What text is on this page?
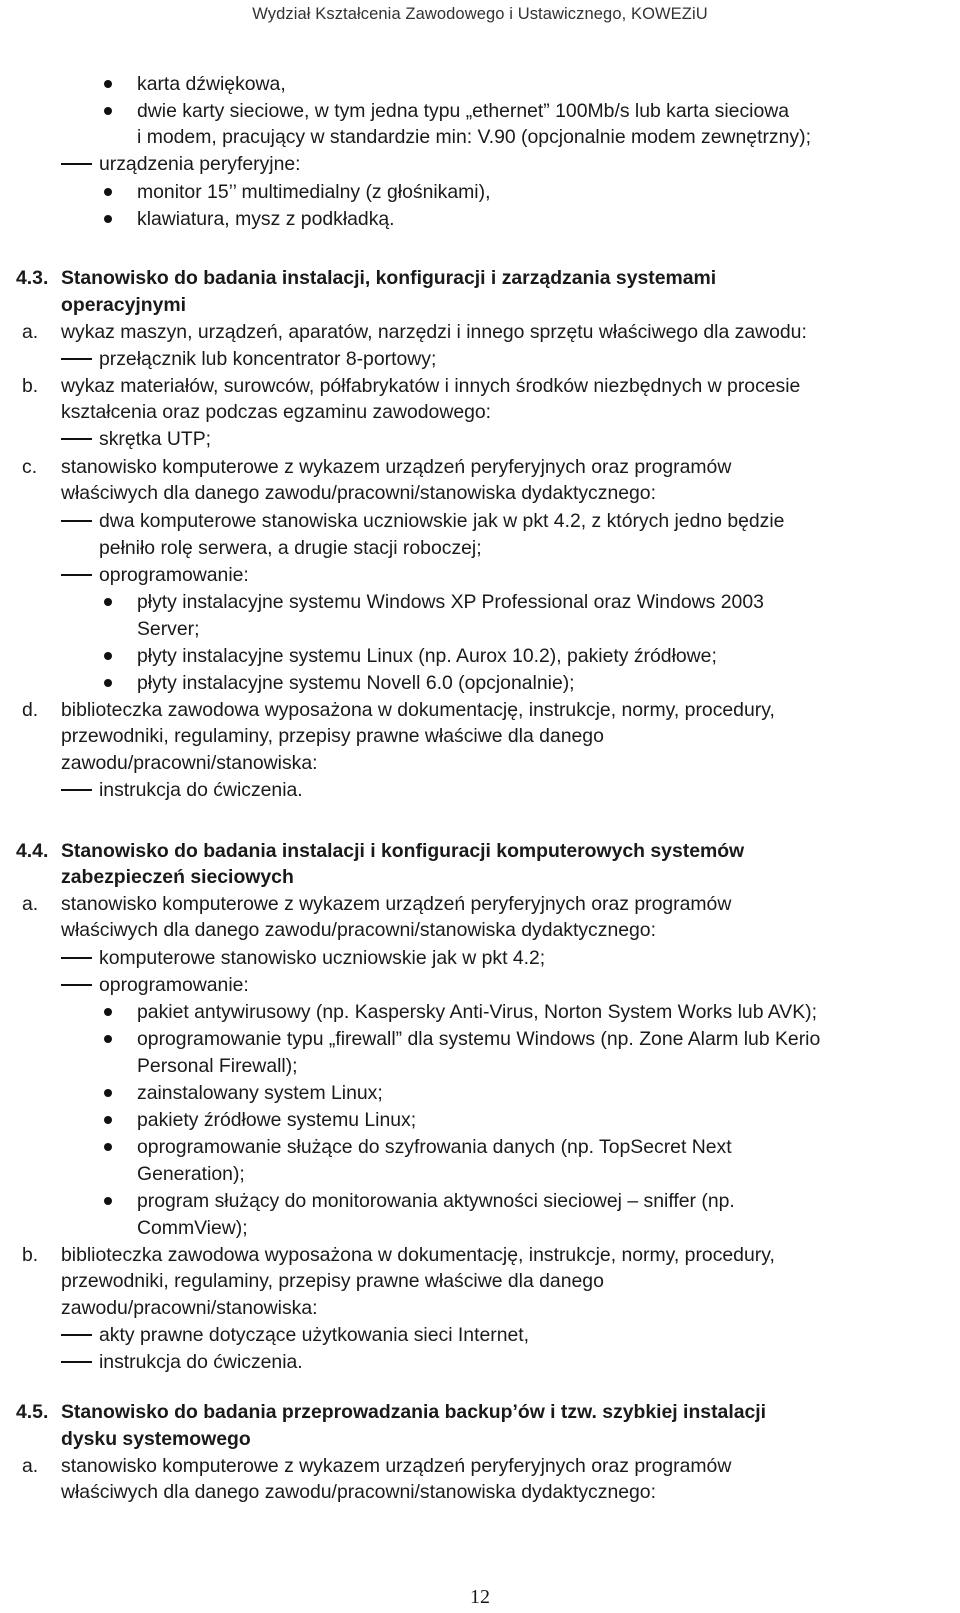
Wydział Kształcenia Zawodowego i Ustawicznego, KOWEZiU
karta dźwiękowa,
dwie karty sieciowe, w tym jedna typu „ethernet” 100Mb/s lub karta sieciowa
i modem, pracujący w standardzie min: V.90 (opcjonalnie modem zewnętrzny);
urządzenia peryferyjne:
monitor 15’’ multimedialny (z głośnikami),
klawiatura, mysz z podkładką.
4.3. Stanowisko do badania instalacji, konfiguracji i zarządzania systemami
operacyjnymi
a. wykaz maszyn, urządzeń, aparatów, narzędzi i innego sprzętu właściwego dla zawodu:
przełącznik lub koncentrator 8-portowy;
b. wykaz materiałów, surowców, półfabrykatów i innych środków niezbędnych w procesie
kształcenia oraz podczas egzaminu zawodowego:
skrętka UTP;
c. stanowisko komputerowe z wykazem urządzeń peryferyjnych oraz programów
właściwych dla danego zawodu/pracowni/stanowiska dydaktycznego:
dwa komputerowe stanowiska uczniowskie jak w pkt 4.2, z których jedno będzie
pełniło rolę serwera, a drugie stacji roboczej;
oprogramowanie:
płyty instalacyjne systemu Windows XP Professional oraz Windows 2003
Server;
płyty instalacyjne systemu Linux (np. Aurox 10.2), pakiety źródłowe;
płyty instalacyjne systemu Novell 6.0 (opcjonalnie);
d. biblioteczka zawodowa wyposażona w dokumentację, instrukcje, normy, procedury,
przewodniki, regulaminy, przepisy prawne właściwe dla danego
zawodu/pracowni/stanowiska:
instrukcja do ćwiczenia.
4.4. Stanowisko do badania instalacji i konfiguracji komputerowych systemów
zabezpieczeń sieciowych
a. stanowisko komputerowe z wykazem urządzeń peryferyjnych oraz programów
właściwych dla danego zawodu/pracowni/stanowiska dydaktycznego:
komputerowe stanowisko uczniowskie jak w pkt 4.2;
oprogramowanie:
pakiet antywirusowy (np. Kaspersky Anti-Virus, Norton System Works lub AVK);
oprogramowanie typu „firewall” dla systemu Windows (np. Zone Alarm lub Kerio
Personal Firewall);
zainstalowany system Linux;
pakiety źródłowe systemu Linux;
oprogramowanie służące do szyfrowania danych (np. TopSecret Next
Generation);
program służący do monitorowania aktywności sieciowej – sniffer (np.
CommView);
b. biblioteczka zawodowa wyposażona w dokumentację, instrukcje, normy, procedury,
przewodniki, regulaminy, przepisy prawne właściwe dla danego
zawodu/pracowni/stanowiska:
akty prawne dotyczące użytkowania sieci Internet,
instrukcja do ćwiczenia.
4.5. Stanowisko do badania przeprowadzania backup’ów i tzw. szybkiej instalacji
dysku systemowego
a. stanowisko komputerowe z wykazem urządzeń peryferyjnych oraz programów
właściwych dla danego zawodu/pracowni/stanowiska dydaktycznego:
12
